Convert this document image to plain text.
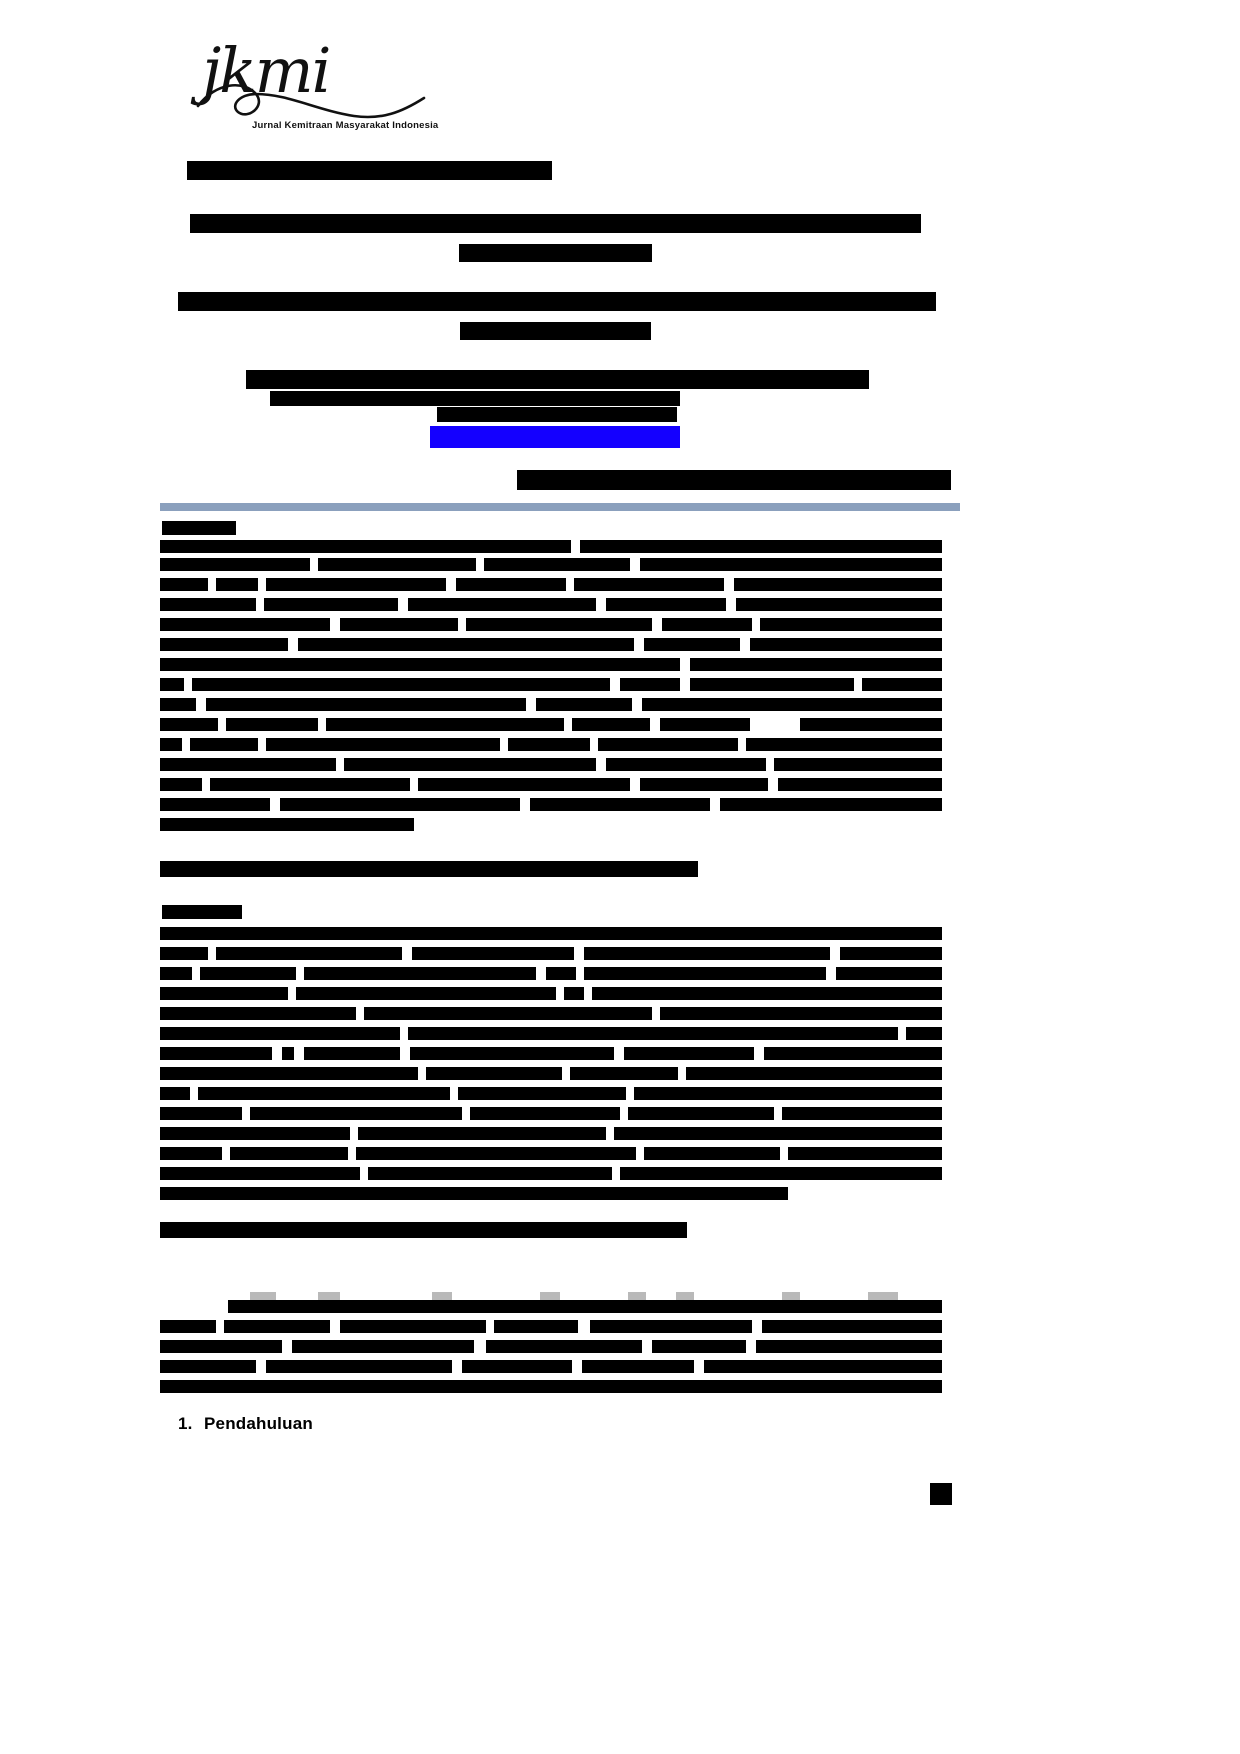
jkmi
Jurnal Kemitraan Masyarakat Indonesia
1. Pendahuluan
